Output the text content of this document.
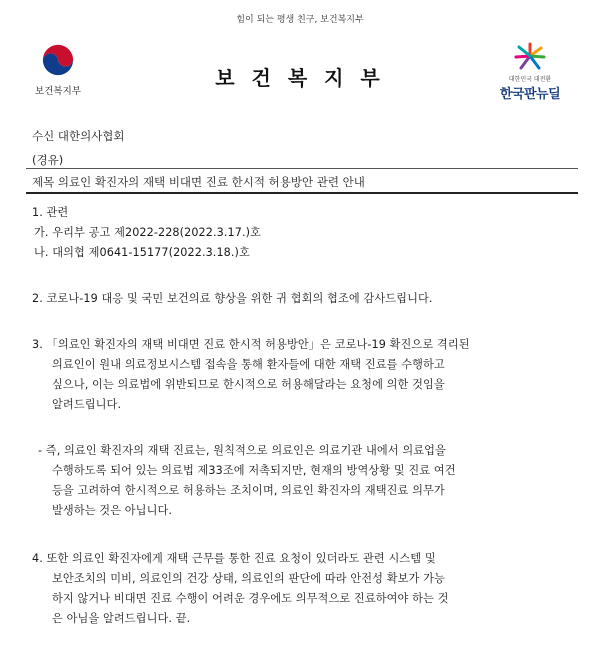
힘이 되는 평생 친구, 보건복지부
보건복지부
보 건 복 지 부	대한민국 대전환
한국판뉴딜
수신 대한의사협회
(경유)
제목 의료인 확진자의 재택 비대면 진료 한시적 허용방안 관련 안내
1. 관련
가. 우리부 공고 제2022-228(2022.3.17.)호
나. 대의협 제0641-15177(2022.3.18.)호
2. 코로나-19 대응 및 국민 보건의료 향상을 위한 귀 협회의 협조에 감사드립니다.
3. 「의료인 확진자의 재택 비대면 진료 한시적 허용방안」은 코로나-19 확진으로 격리된
의료인이 원내 의료정보시스템 접속을 통해 환자들에 대한 재택 진료를 수행하고
싶으나, 이는 의료법에 위반되므로 한시적으로 허용해달라는 요청에 의한 것임을
알려드립니다.
- 즉, 의료인 확진자의 재택 진료는, 원칙적으로 의료인은 의료기관 내에서 의료업을
수행하도록 되어 있는 의료법 제33조에 저촉되지만, 현재의 방역상황 및 진료 여건
등을 고려하여 한시적으로 허용하는 조치이며, 의료인 확진자의 재택진료 의무가
발생하는 것은 아닙니다.
4. 또한 의료인 확진자에게 재택 근무를 통한 진료 요청이 있더라도 관련 시스템 및
보안조치의 미비, 의료인의 건강 상태, 의료인의 판단에 따라 안전성 확보가 가능
하지 않거나 비대면 진료 수행이 어려운 경우에도 의무적으로 진료하여야 하는 것
은 아님을 알려드립니다. 끝.
